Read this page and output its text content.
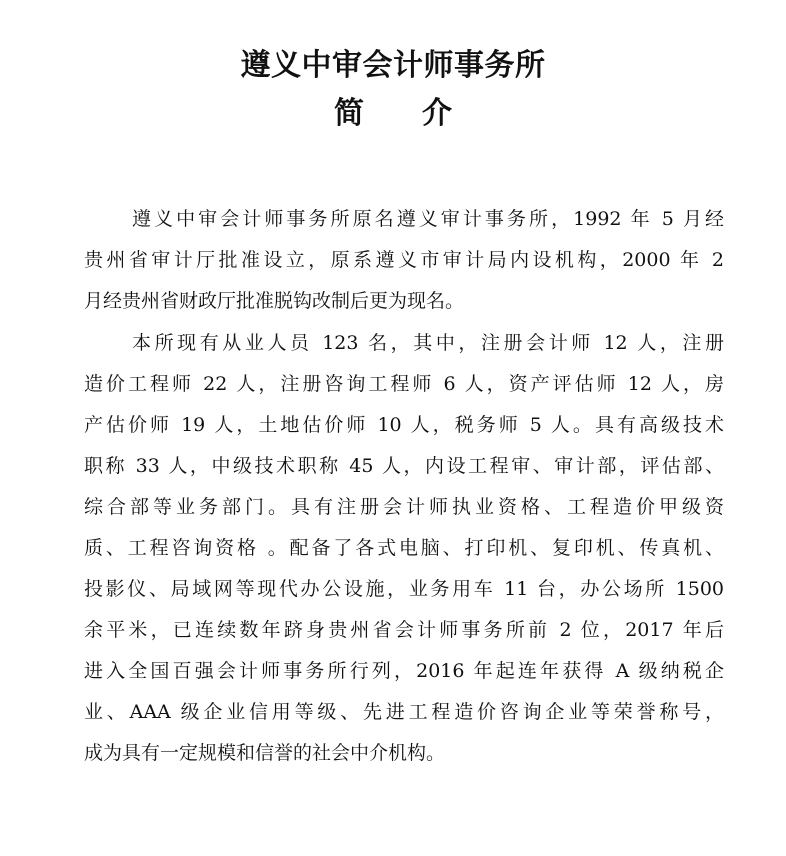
遵义中审会计师事务所
简 介
遵义中审会计师事务所原名遵义审计事务所，1992 年 5 月经
贵州省审计厅批准设立，原系遵义市审计局内设机构，2000 年 2
月经贵州省财政厅批准脱钩改制后更为现名。
本所现有从业人员 123 名，其中，注册会计师 12 人，注册
造价工程师 22 人，注册咨询工程师 6 人，资产评估师 12 人，房
产估价师 19 人，土地估价师 10 人，税务师 5 人。具有高级技术
职称 33 人，中级技术职称 45 人，内设工程审、审计部，评估部、
综合部等业务部门。具有注册会计师执业资格、工程造价甲级资
质、工程咨询资格 。配备了各式电脑、打印机、复印机、传真机、
投影仪、局域网等现代办公设施，业务用车 11 台，办公场所 1500
余平米，已连续数年跻身贵州省会计师事务所前 2 位，2017 年后
进入全国百强会计师事务所行列，2016 年起连年获得 A 级纳税企
业、AAA 级企业信用等级、先进工程造价咨询企业等荣誉称号，
成为具有一定规模和信誉的社会中介机构。
